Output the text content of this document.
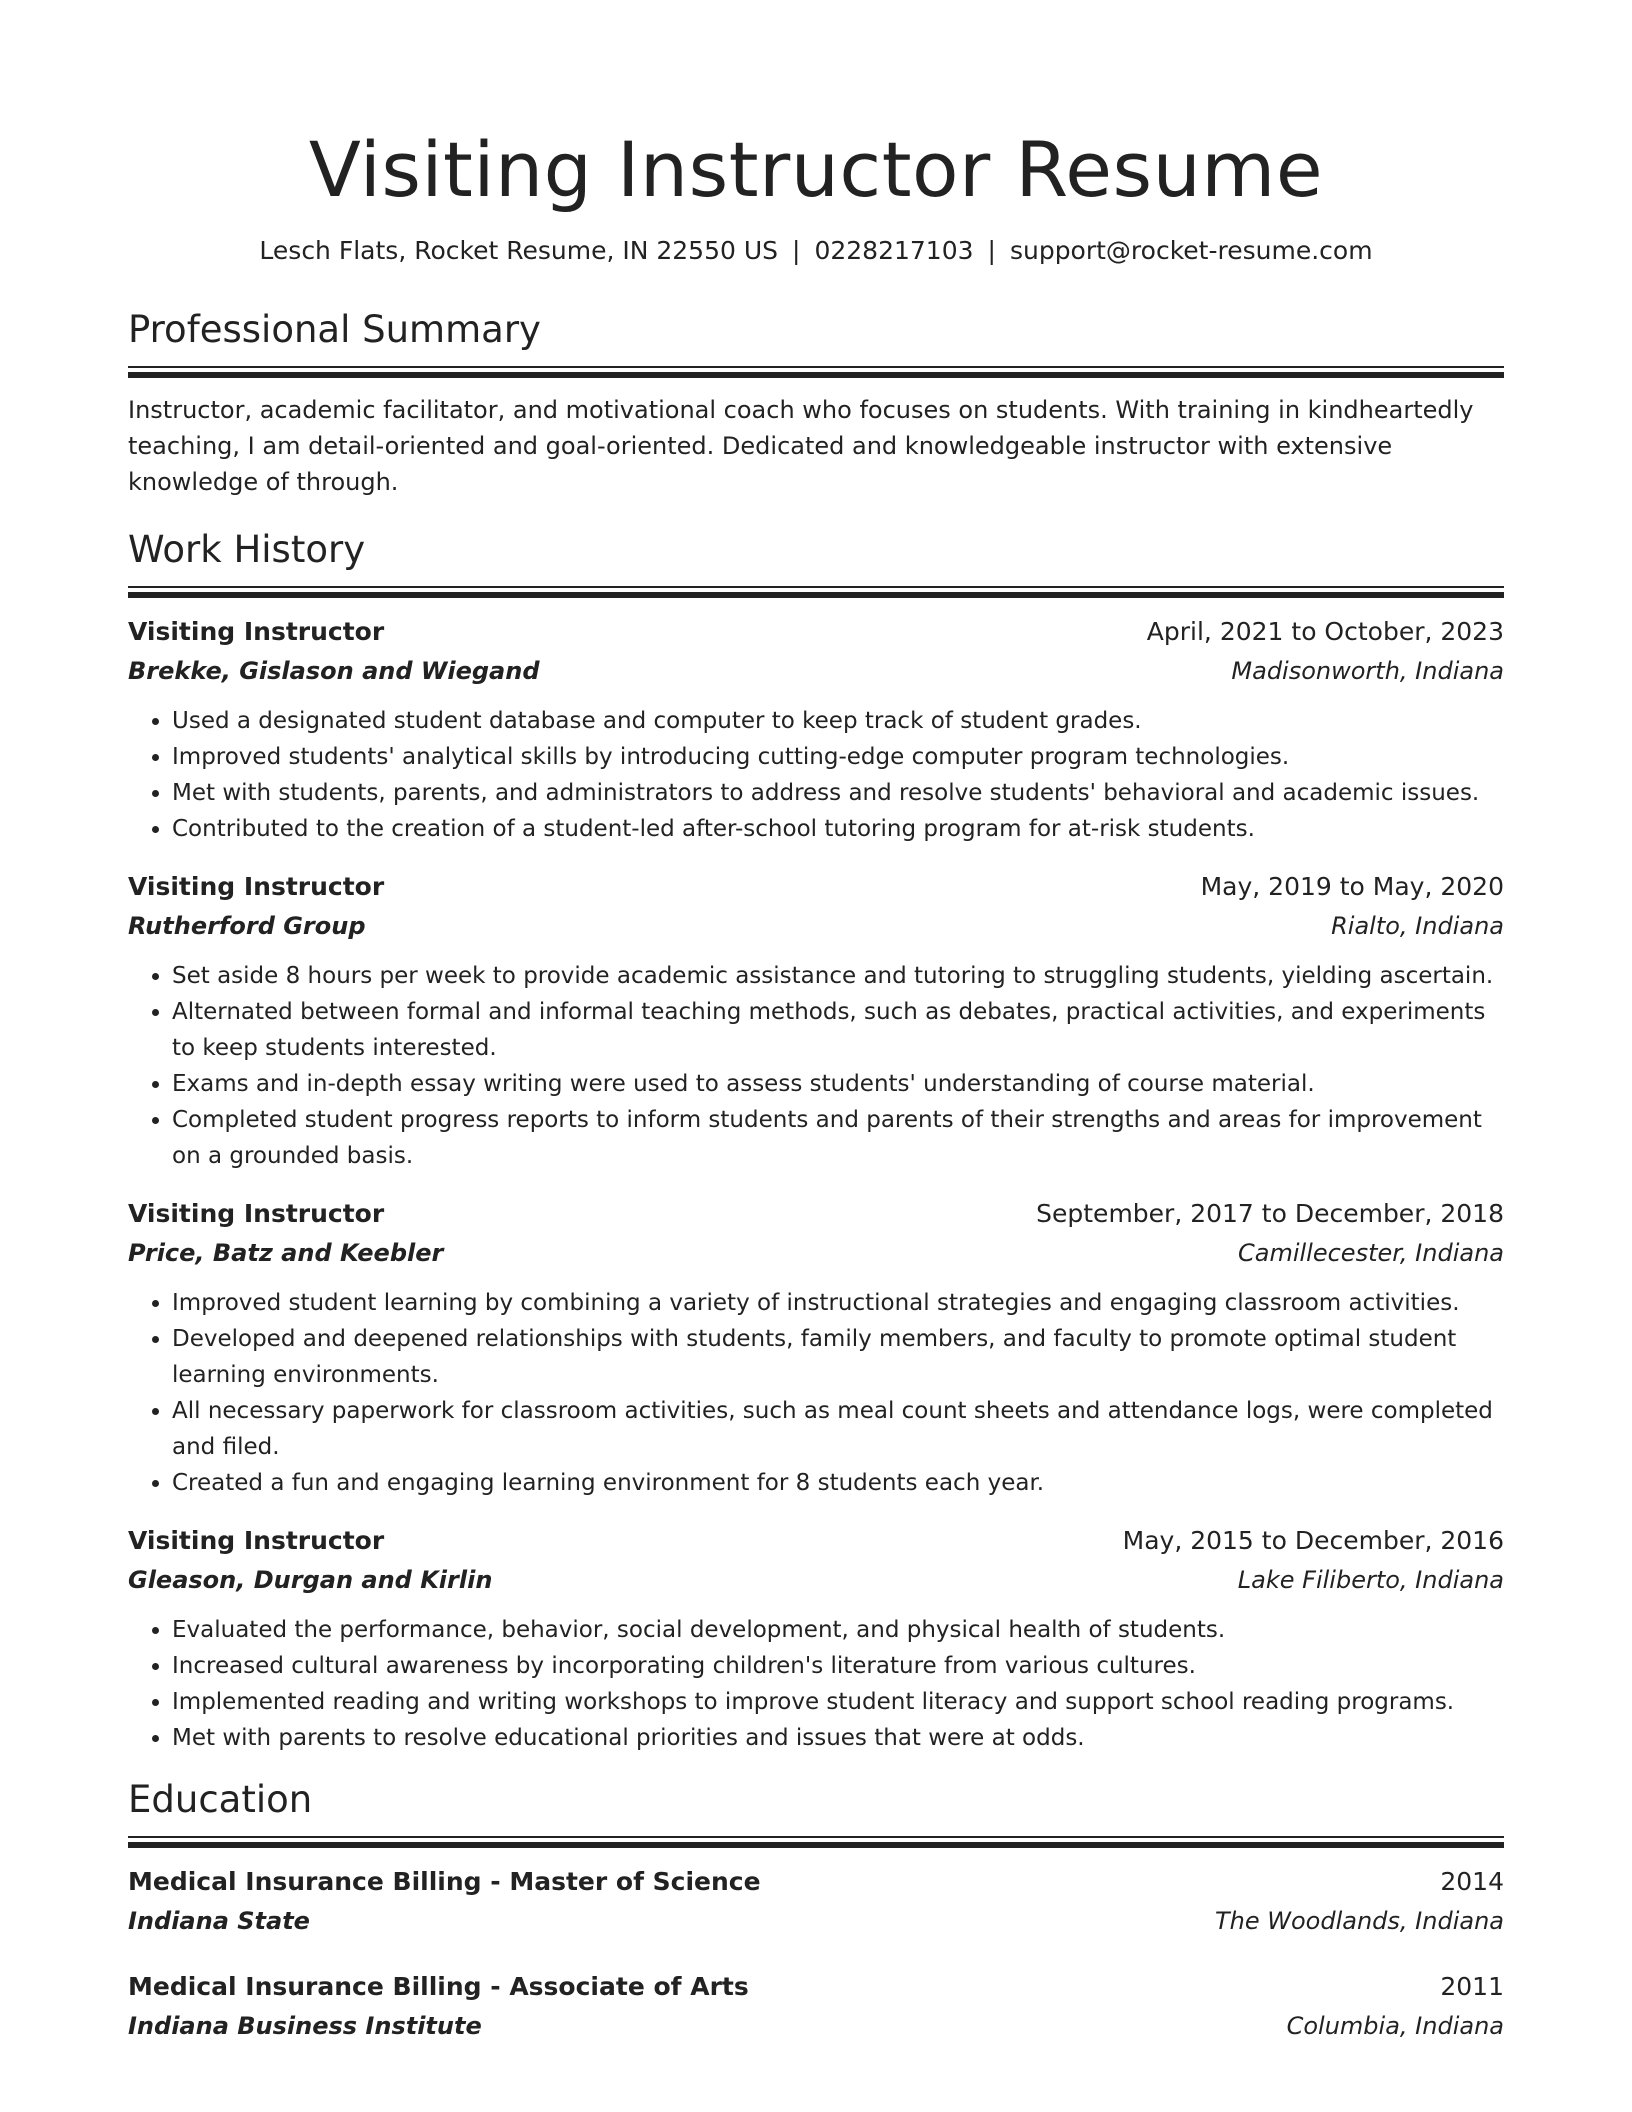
Visiting Instructor Resume
Lesch Flats, Rocket Resume, IN 22550 US | 0228217103 | support@rocket-resume.com
Professional Summary
Instructor, academic facilitator, and motivational coach who focuses on students. With training in kindheartedly teaching, I am detail-oriented and goal-oriented. Dedicated and knowledgeable instructor with extensive knowledge of through.
Work History
Visiting Instructor	April, 2021 to October, 2023
Brekke, Gislason and Wiegand	Madisonworth, Indiana
• Used a designated student database and computer to keep track of student grades.
• Improved students' analytical skills by introducing cutting-edge computer program technologies.
• Met with students, parents, and administrators to address and resolve students' behavioral and academic issues.
• Contributed to the creation of a student-led after-school tutoring program for at-risk students.
Visiting Instructor	May, 2019 to May, 2020
Rutherford Group	Rialto, Indiana
• Set aside 8 hours per week to provide academic assistance and tutoring to struggling students, yielding ascertain.
• Alternated between formal and informal teaching methods, such as debates, practical activities, and experiments to keep students interested.
• Exams and in-depth essay writing were used to assess students' understanding of course material.
• Completed student progress reports to inform students and parents of their strengths and areas for improvement on a grounded basis.
Visiting Instructor	September, 2017 to December, 2018
Price, Batz and Keebler	Camillecester, Indiana
• Improved student learning by combining a variety of instructional strategies and engaging classroom activities.
• Developed and deepened relationships with students, family members, and faculty to promote optimal student learning environments.
• All necessary paperwork for classroom activities, such as meal count sheets and attendance logs, were completed and filed.
• Created a fun and engaging learning environment for 8 students each year.
Visiting Instructor	May, 2015 to December, 2016
Gleason, Durgan and Kirlin	Lake Filiberto, Indiana
• Evaluated the performance, behavior, social development, and physical health of students.
• Increased cultural awareness by incorporating children's literature from various cultures.
• Implemented reading and writing workshops to improve student literacy and support school reading programs.
• Met with parents to resolve educational priorities and issues that were at odds.
Education
Medical Insurance Billing - Master of Science	2014
Indiana State	The Woodlands, Indiana
Medical Insurance Billing - Associate of Arts	2011
Indiana Business Institute	Columbia, Indiana
